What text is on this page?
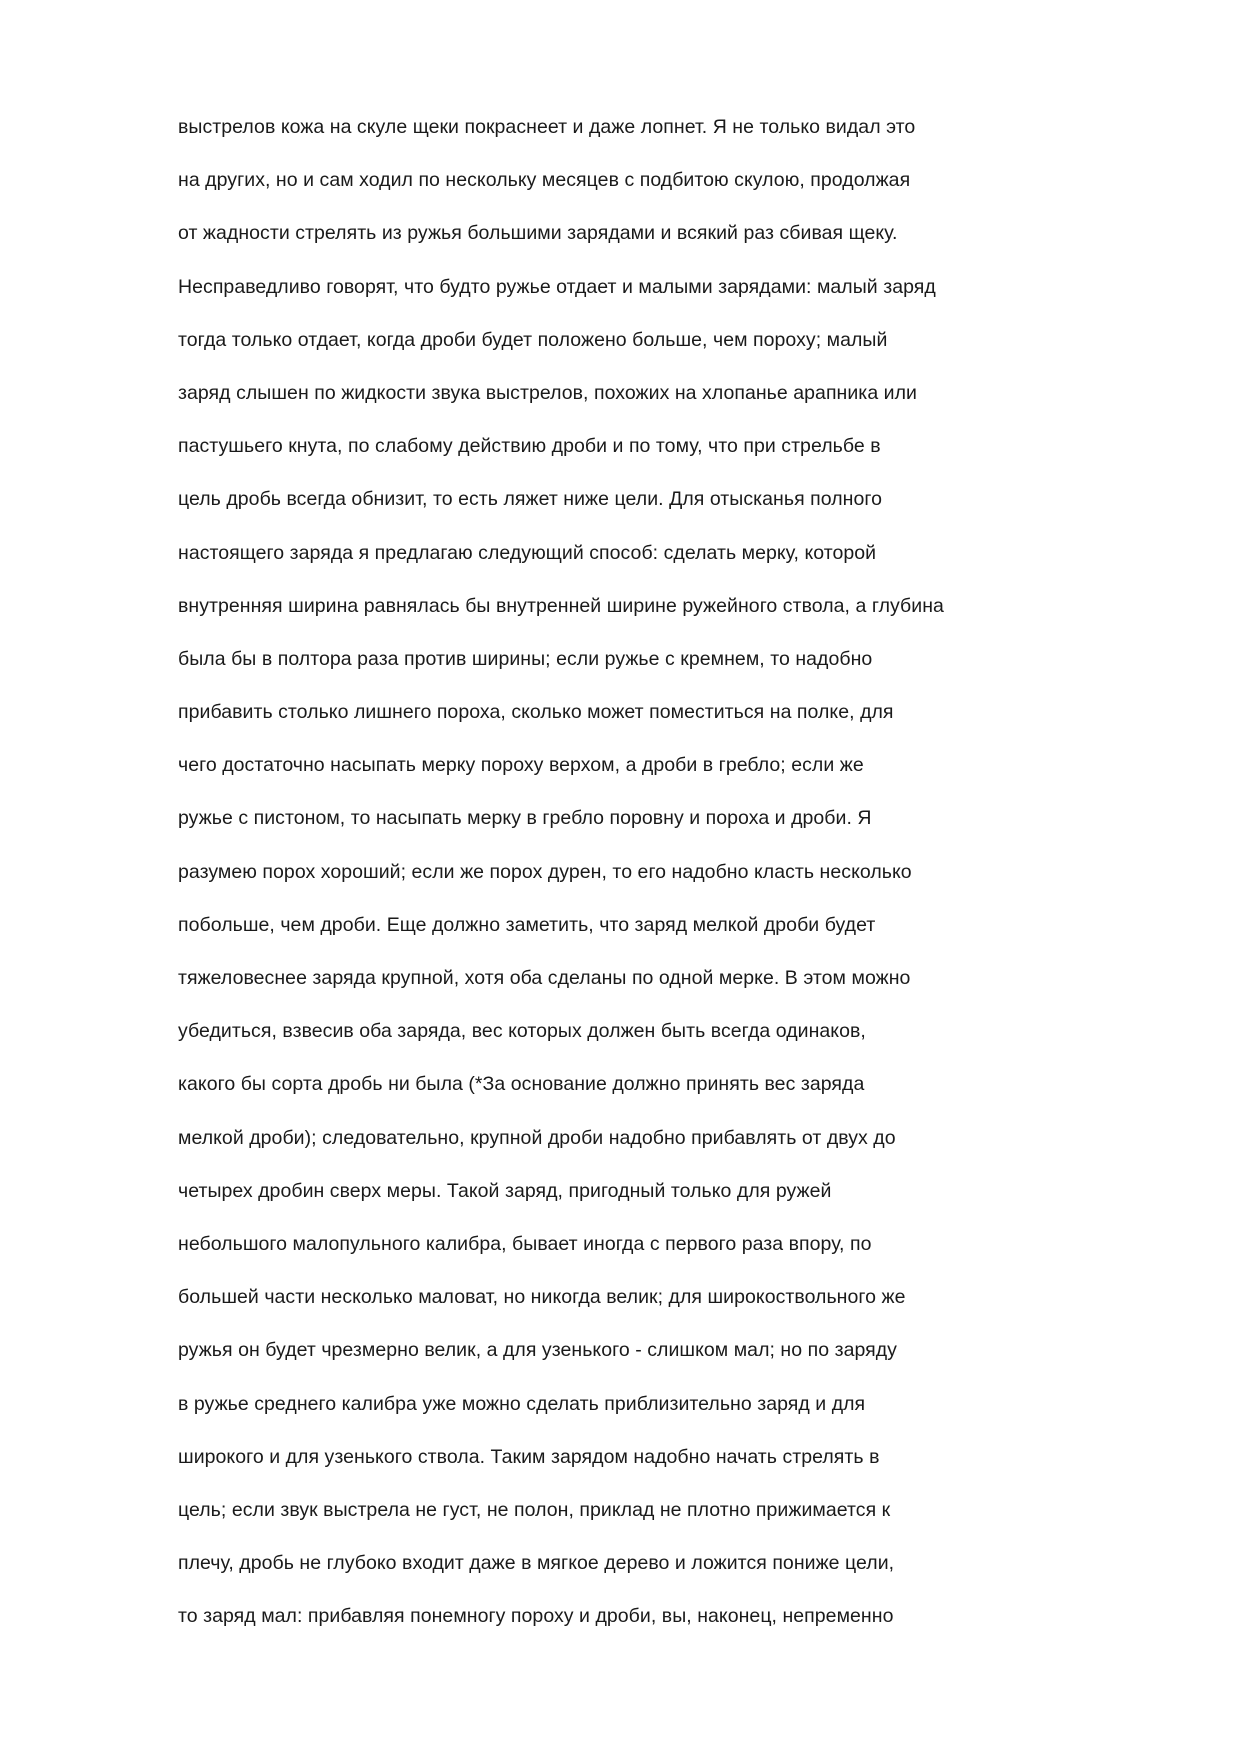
выстрелов кожа на скуле щеки покраснеет и даже лопнет. Я не только видал это
на других, но и сам ходил по нескольку месяцев с подбитою скулою, продолжая
от жадности стрелять из ружья большими зарядами и всякий раз сбивая щеку.
Несправедливо говорят, что будто ружье отдает и малыми зарядами: малый заряд
тогда только отдает, когда дроби будет положено больше, чем пороху; малый
заряд слышен по жидкости звука выстрелов, похожих на хлопанье арапника или
пастушьего кнута, по слабому действию дроби и по тому, что при стрельбе в
цель дробь всегда обнизит, то есть ляжет ниже цели. Для отысканья полного
настоящего заряда я предлагаю следующий способ: сделать мерку, которой
внутренняя ширина равнялась бы внутренней ширине ружейного ствола, а глубина
была бы в полтора раза против ширины; если ружье с кремнем, то надобно
прибавить столько лишнего пороха, сколько может поместиться на полке, для
чего достаточно насыпать мерку пороху верхом, а дроби в гребло; если же
ружье с пистоном, то насыпать мерку в гребло поровну и пороха и дроби. Я
разумею порох хороший; если же порох дурен, то его надобно класть несколько
побольше, чем дроби. Еще должно заметить, что заряд мелкой дроби будет
тяжеловеснее заряда крупной, хотя оба сделаны по одной мерке. В этом можно
убедиться, взвесив оба заряда, вес которых должен быть всегда одинаков,
какого бы сорта дробь ни была (*За основание должно принять вес заряда
мелкой дроби); следовательно, крупной дроби надобно прибавлять от двух до
четырех дробин сверх меры. Такой заряд, пригодный только для ружей
небольшого малопульного калибра, бывает иногда с первого раза впору, по
большей части несколько маловат, но никогда велик; для широкоствольного же
ружья он будет чрезмерно велик, а для узенького - слишком мал; но по заряду
в ружье среднего калибра уже можно сделать приблизительно заряд и для
широкого и для узенького ствола. Таким зарядом надобно начать стрелять в
цель; если звук выстрела не густ, не полон, приклад не плотно прижимается к
плечу, дробь не глубоко входит даже в мягкое дерево и ложится пониже цели,
то заряд мал: прибавляя понемногу пороху и дроби, вы, наконец, непременно
